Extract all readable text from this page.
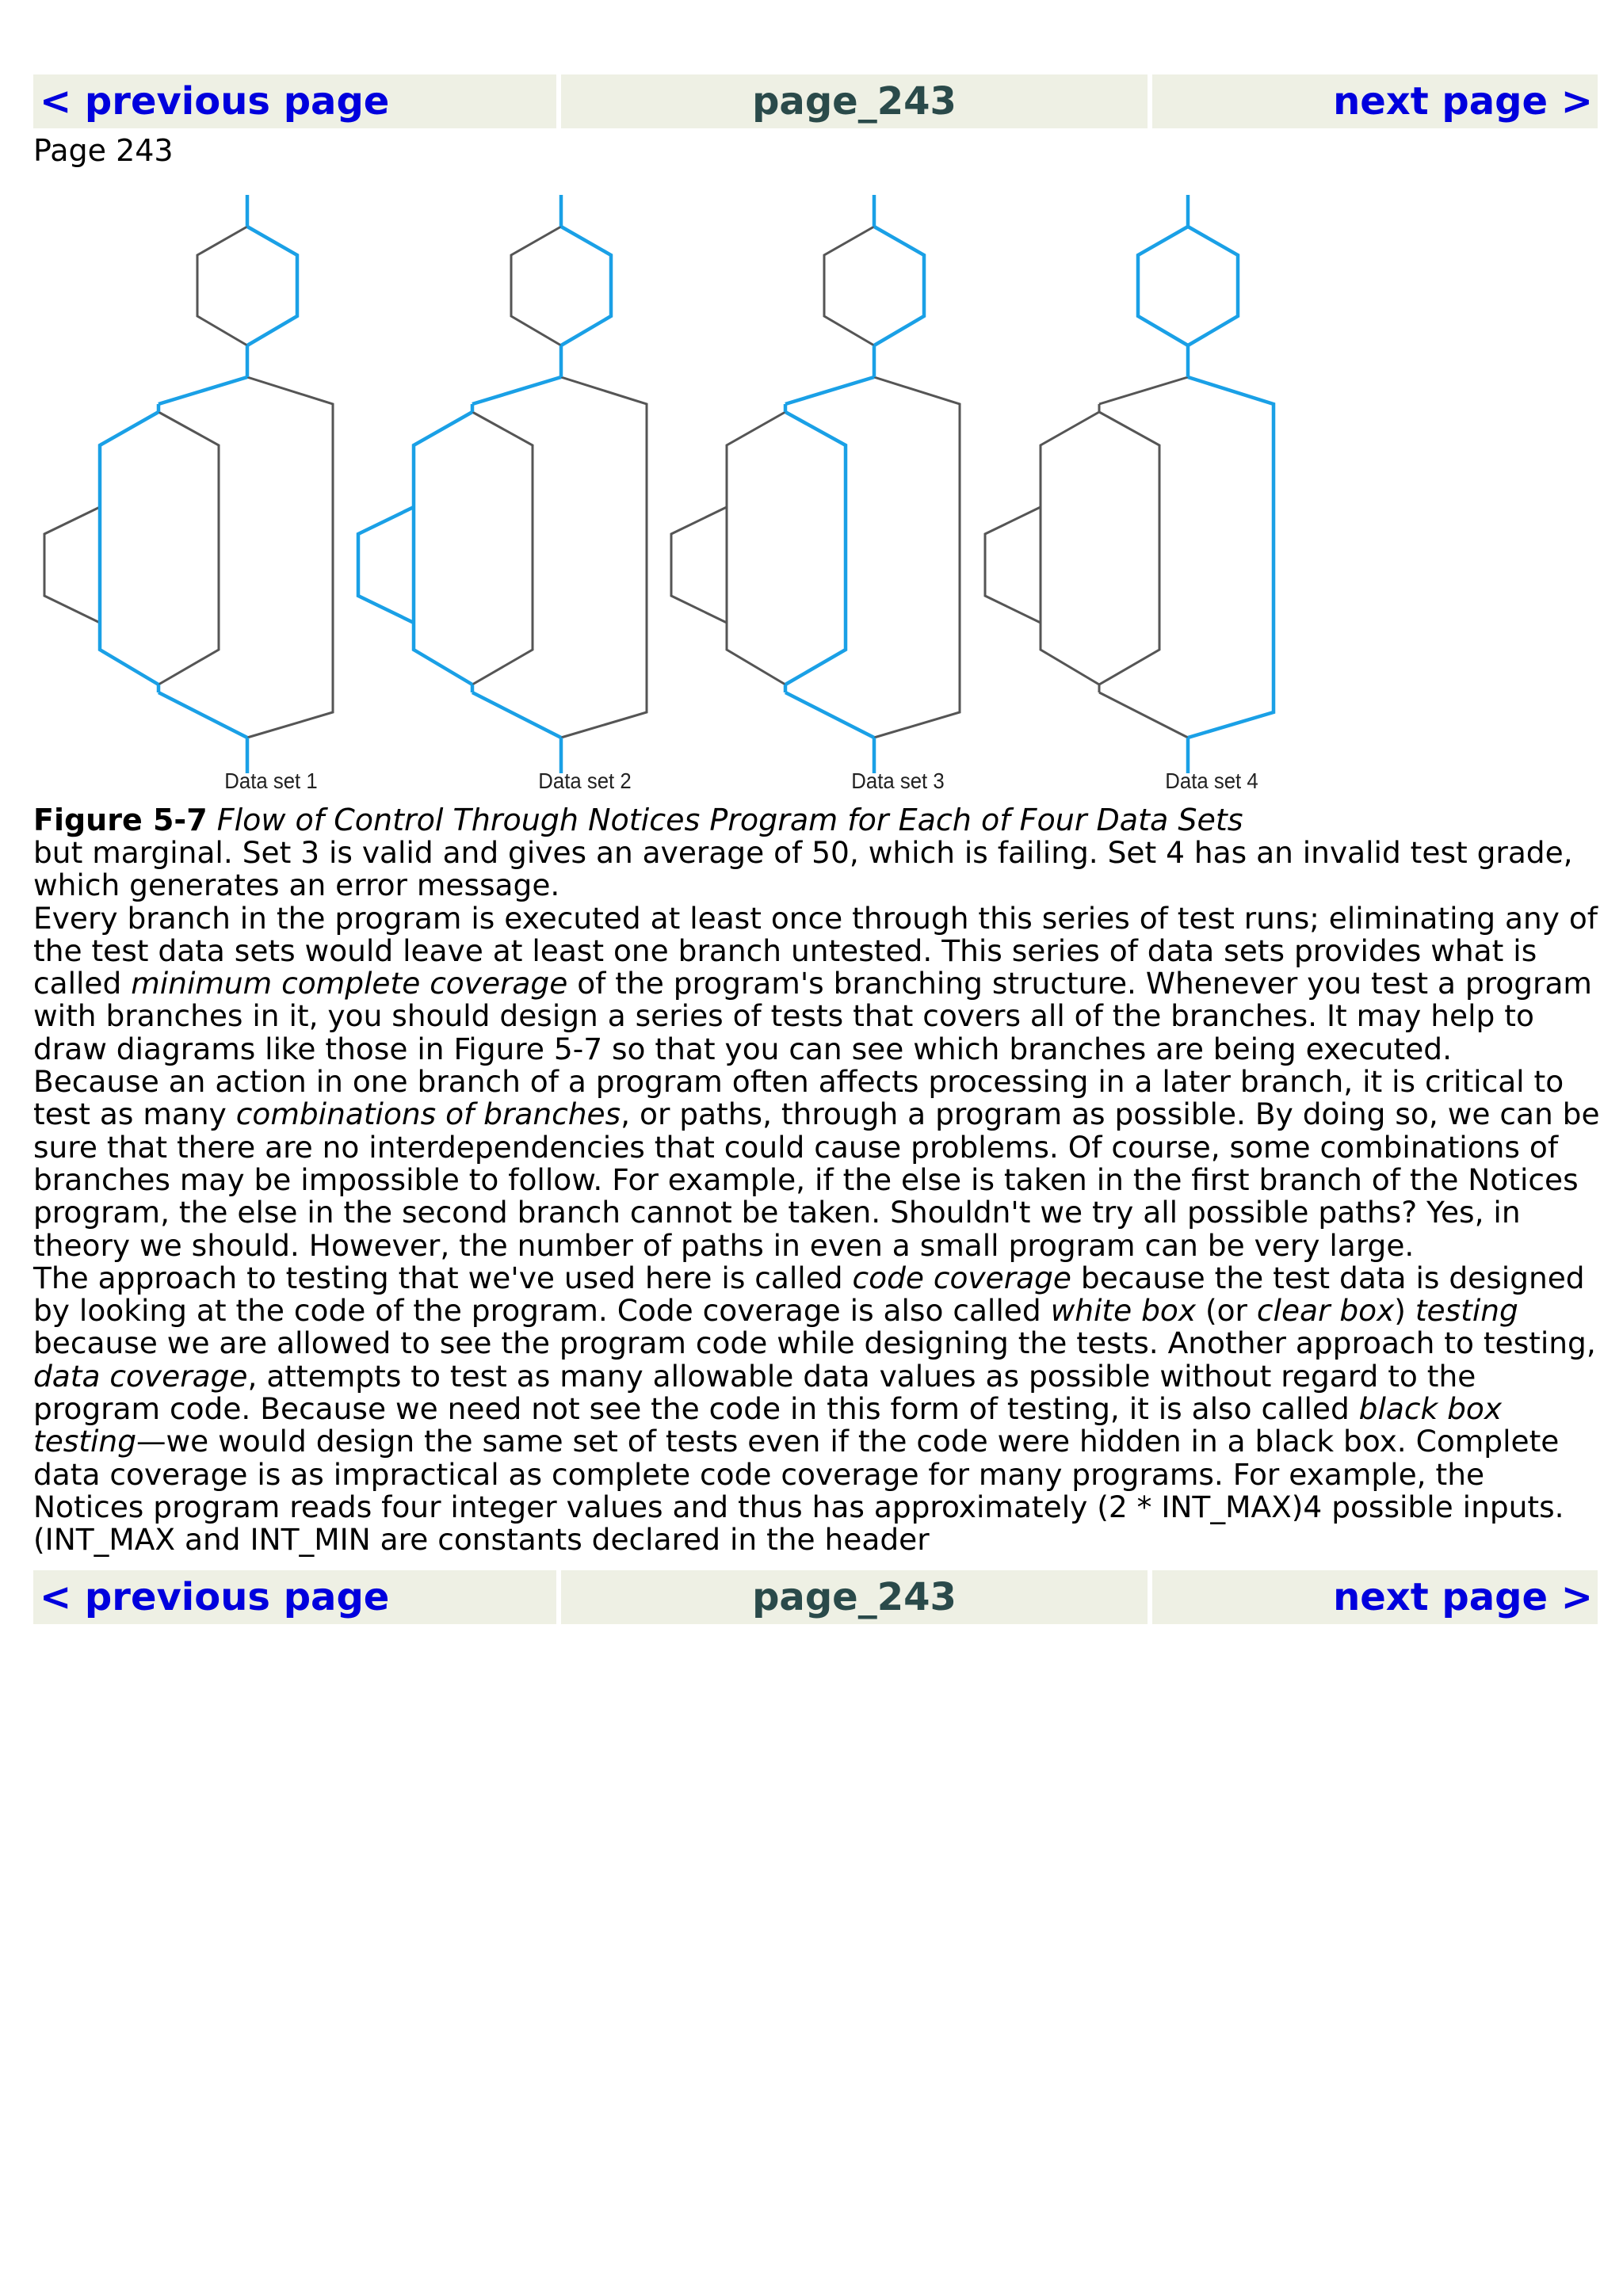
< previous page	page_243	next page >
Page 243
Data set 1	Data set 2	Data set 3	Data set 4
Figure 5-7 Flow of Control Through Notices Program for Each of Four Data Sets

but marginal. Set 3 is valid and gives an average of 50, which is failing. Set 4 has an invalid test grade, which generates an error message.

Every branch in the program is executed at least once through this series of test runs; eliminating any of the test data sets would leave at least one branch untested. This series of data sets provides what is called minimum complete coverage of the program's branching structure. Whenever you test a program with branches in it, you should design a series of tests that covers all of the branches. It may help to draw diagrams like those in Figure 5-7 so that you can see which branches are being executed.

Because an action in one branch of a program often affects processing in a later branch, it is critical to test as many combinations of branches, or paths, through a program as possible. By doing so, we can be sure that there are no interdependencies that could cause problems. Of course, some combinations of branches may be impossible to follow. For example, if the else is taken in the first branch of the Notices program, the else in the second branch cannot be taken. Shouldn't we try all possible paths? Yes, in theory we should. However, the number of paths in even a small program can be very large.

The approach to testing that we've used here is called code coverage because the test data is designed by looking at the code of the program. Code coverage is also called white box (or clear box) testing because we are allowed to see the program code while designing the tests. Another approach to testing, data coverage, attempts to test as many allowable data values as possible without regard to the program code. Because we need not see the code in this form of testing, it is also called black box testing—we would design the same set of tests even if the code were hidden in a black box. Complete data coverage is as impractical as complete code coverage for many programs. For example, the Notices program reads four integer values and thus has approximately (2 * INT_MAX)4 possible inputs. (INT_MAX and INT_MIN are constants declared in the header

< previous page	page_243	next page >
